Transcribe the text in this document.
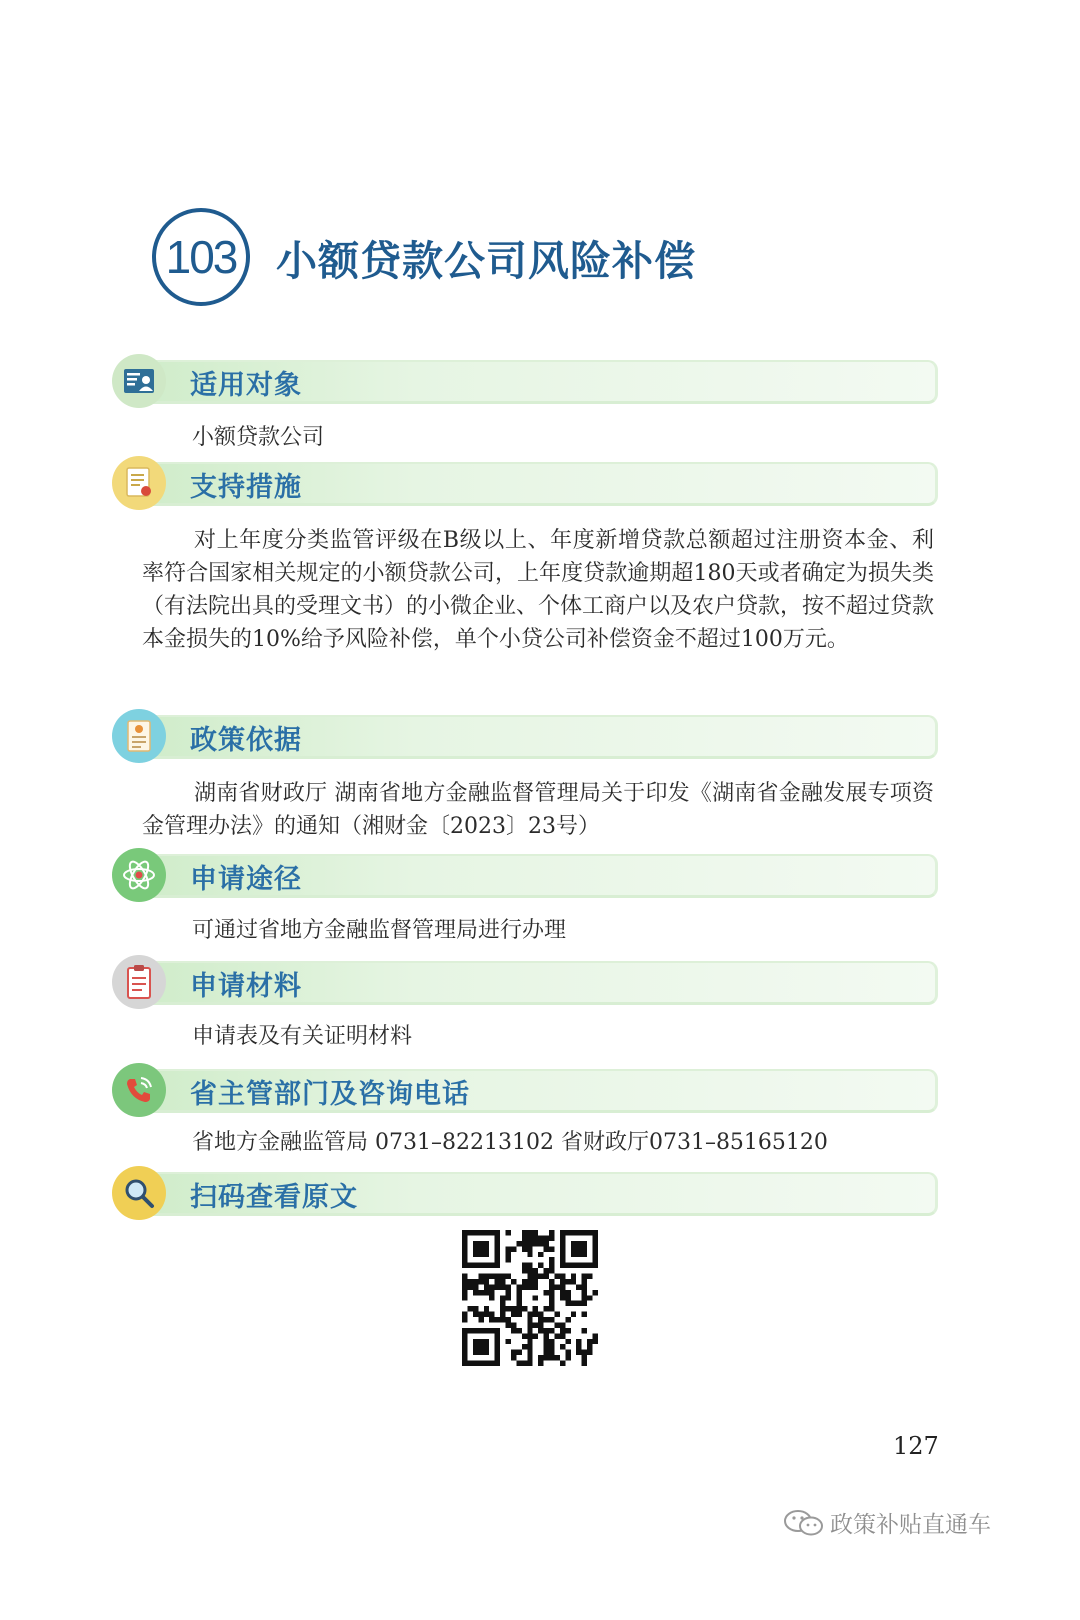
103 小额贷款公司风险补偿
适用对象
小额贷款公司
支持措施

对上年度分类监管评级在B级以上、年度新增贷款总额超过注册资本金、利率符合国家相关规定的小额贷款公司，上年度贷款逾期超180天或者确定为损失类（有法院出具的受理文书）的小微企业、个体工商户以及农户贷款，按不超过贷款本金损失的10%给予风险补偿，单个小贷公司补偿资金不超过100万元。

政策依据

湖南省财政厅 湖南省地方金融监督管理局关于印发《湖南省金融发展专项资金管理办法》的通知（湘财金〔2023〕23号）

申请途径
可通过省地方金融监督管理局进行办理
申请材料
申请表及有关证明材料
省主管部门及咨询电话
省地方金融监管局 0731–82213102 省财政厅0731–85165120
扫码查看原文
127
政策补贴直通车
